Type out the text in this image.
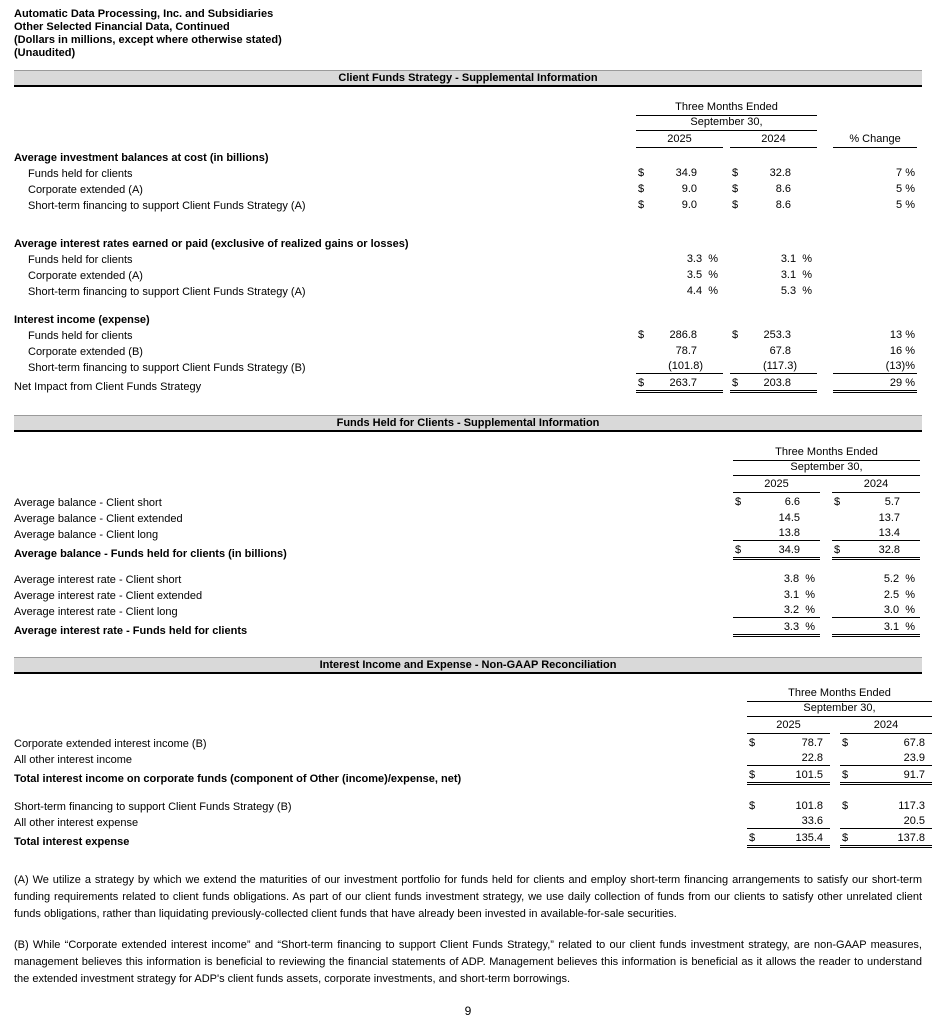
Automatic Data Processing, Inc. and Subsidiaries
Other Selected Financial Data, Continued
(Dollars in millions, except where otherwise stated)
(Unaudited)
Client Funds Strategy - Supplemental Information
Three Months Ended
September 30,
2025	2024	% Change
Average investment balances at cost (in billions)
Funds held for clients	$	34.9	$	32.8	7 %
Corporate extended (A)	$	9.0	$	8.6	5 %
Short-term financing to support Client Funds Strategy (A)	$	9.0	$	8.6	5 %
Average interest rates earned or paid (exclusive of realized gains or losses)
Funds held for clients	3.3  %	3.1  %
Corporate extended (A)	3.5  %	3.1  %
Short-term financing to support Client Funds Strategy (A)	4.4  %	5.3  %
Interest income (expense)
Funds held for clients	$	286.8	$	253.3	13 %
Corporate extended (B)	78.7	67.8	16 %
Short-term financing to support Client Funds Strategy (B)	(101.8)	(117.3)	(13)%
Net Impact from Client Funds Strategy	$	263.7	$	203.8	29 %
Funds Held for Clients - Supplemental Information
Three Months Ended
September 30,
2025	2024
Average balance - Client short	$	6.6	$	5.7
Average balance - Client extended	14.5	13.7
Average balance - Client long	13.8	13.4
Average balance - Funds held for clients (in billions)	$	34.9	$	32.8
Average interest rate - Client short	3.8  %	5.2  %
Average interest rate - Client extended	3.1  %	2.5  %
Average interest rate - Client long	3.2  %	3.0  %
Average interest rate - Funds held for clients	3.3  %	3.1  %
Interest Income and Expense - Non-GAAP Reconciliation
Three Months Ended
September 30,
2025	2024
Corporate extended interest income (B)	$	78.7	$	67.8
All other interest income	22.8	23.9
Total interest income on corporate funds (component of Other (income)/expense, net)	$	101.5	$	91.7
Short-term financing to support Client Funds Strategy (B)	$	101.8	$	117.3
All other interest expense	33.6	20.5
Total interest expense	$	135.4	$	137.8

(A) We utilize a strategy by which we extend the maturities of our investment portfolio for funds held for clients and employ short-term financing arrangements to satisfy our short-term funding requirements related to client funds obligations. As part of our client funds investment strategy, we use daily collection of funds from our clients to satisfy other unrelated client funds obligations, rather than liquidating previously-collected client funds that have already been invested in available-for-sale securities.

(B) While “Corporate extended interest income” and “Short-term financing to support Client Funds Strategy,” related to our client funds investment strategy, are non-GAAP measures, management believes this information is beneficial to reviewing the financial statements of ADP. Management believes this information is beneficial as it allows the reader to understand the extended investment strategy for ADP's client funds assets, corporate investments, and short-term borrowings.

9
